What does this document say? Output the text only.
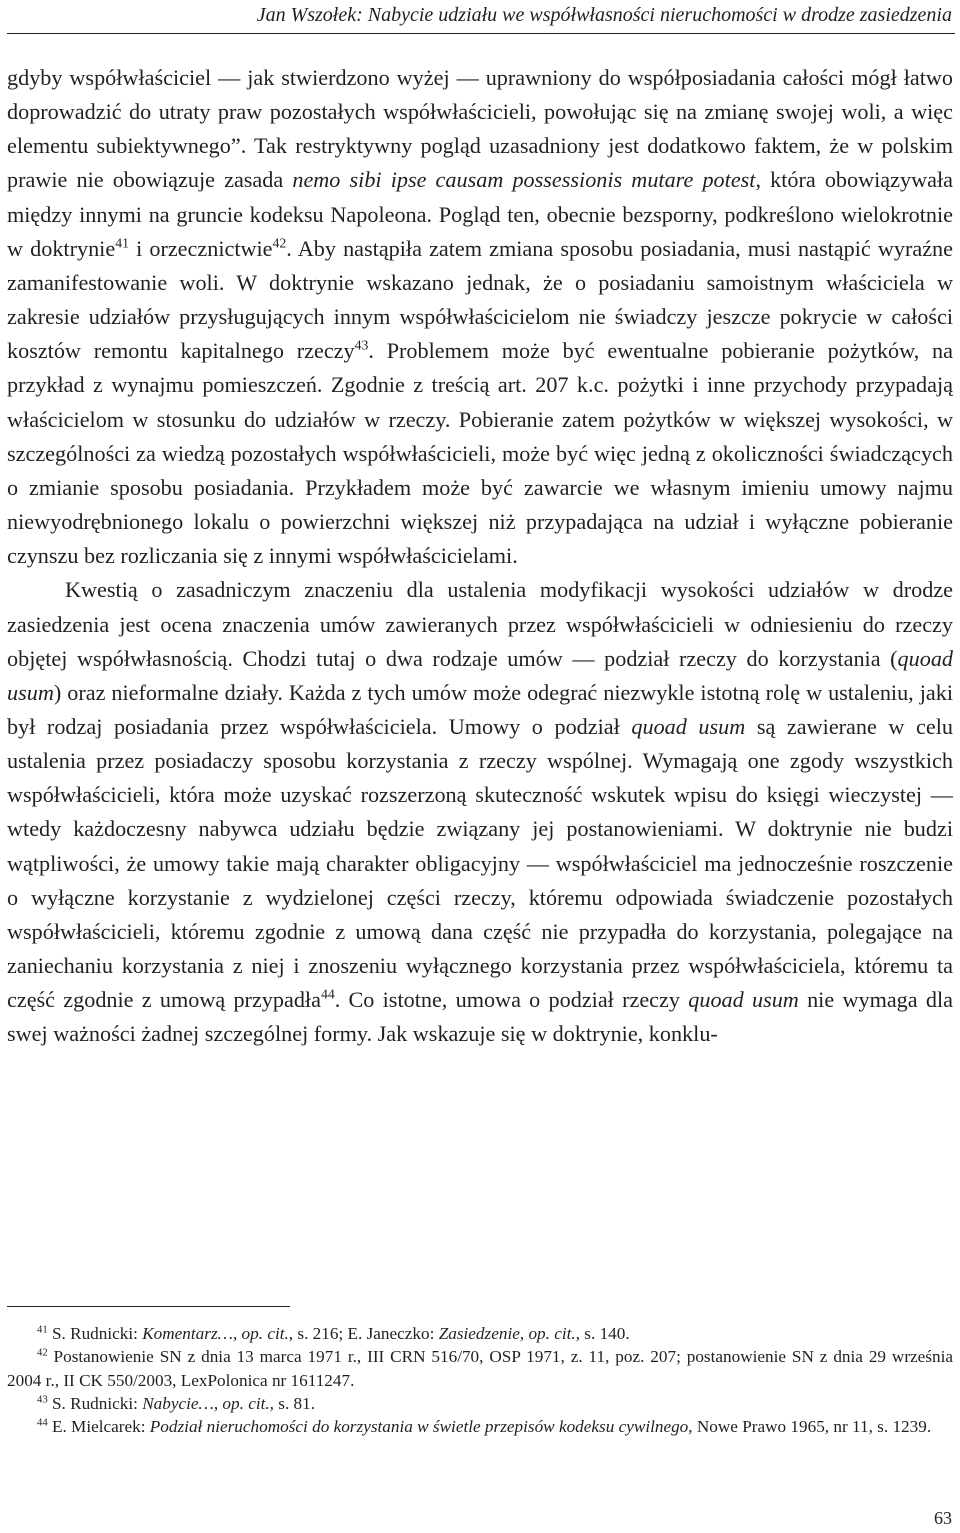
Jan Wszołek: Nabycie udziału we współwłasności nieruchomości w drodze zasiedzenia

gdyby współwłaściciel — jak stwierdzono wyżej — uprawniony do współposiadania całości mógł łatwo doprowadzić do utraty praw pozostałych współwłaścicieli, powołując się na zmianę swojej woli, a więc elementu subiektywnego”. Tak restryktywny pogląd uzasadniony jest dodatkowo faktem, że w polskim prawie nie obowiązuje zasada nemo sibi ipse causam possessionis mutare potest, która obowiązywała między innymi na gruncie kodeksu Napoleona. Pogląd ten, obecnie bezsporny, podkreślono wielokrotnie w doktrynie$^{41}$ i orzecznictwie$^{42}$. Aby nastąpiła zatem zmiana sposobu posiadania, musi nastąpić wyraźne zamanifestowanie woli. W doktrynie wskazano jednak, że o posiadaniu samoistnym właściciela w zakresie udziałów przysługujących innym współwłaścicielom nie świadczy jeszcze pokrycie w całości kosztów remontu kapitalnego rzeczy$^{43}$. Problemem może być ewentualne pobieranie pożytków, na przykład z wynajmu pomieszczeń. Zgodnie z treścią art. 207 k.c. pożytki i inne przychody przypadają właścicielom w stosunku do udziałów w rzeczy. Pobieranie zatem pożytków w większej wysokości, w szczególności za wiedzą pozostałych współwłaścicieli, może być więc jedną z okoliczności świadczących o zmianie sposobu posiadania. Przykładem może być zawarcie we własnym imieniu umowy najmu niewyodrębnionego lokalu o powierzchni większej niż przypadająca na udział i wyłączne pobieranie czynszu bez rozliczania się z innymi współwłaścicielami.

Kwestią o zasadniczym znaczeniu dla ustalenia modyfikacji wysokości udziałów w drodze zasiedzenia jest ocena znaczenia umów zawieranych przez współwłaścicieli w odniesieniu do rzeczy objętej współwłasnością. Chodzi tutaj o dwa rodzaje umów — podział rzeczy do korzystania (quoad usum) oraz nieformalne działy. Każda z tych umów może odegrać niezwykle istotną rolę w ustaleniu, jaki był rodzaj posiadania przez współwłaściciela. Umowy o podział quoad usum są zawierane w celu ustalenia przez posiadaczy sposobu korzystania z rzeczy wspólnej. Wymagają one zgody wszystkich współwłaścicieli, która może uzyskać rozszerzoną skuteczność wskutek wpisu do księgi wieczystej — wtedy każdoczesny nabywca udziału będzie związany jej postanowieniami. W doktrynie nie budzi wątpliwości, że umowy takie mają charakter obligacyjny — współwłaściciel ma jednocześnie roszczenie o wyłączne korzystanie z wydzielonej części rzeczy, któremu odpowiada świadczenie pozostałych współwłaścicieli, któremu zgodnie z umową dana część nie przypadła do korzystania, polegające na zaniechaniu korzystania z niej i znoszeniu wyłącznego korzystania przez współwłaściciela, któremu ta część zgodnie z umową przypadła$^{44}$. Co istotne, umowa o podział rzeczy quoad usum nie wymaga dla swej ważności żadnej szczególnej formy. Jak wskazuje się w doktrynie, konklu-

$^{41}$ S. Rudnicki: Komentarz…, op. cit., s. 216; E. Janeczko: Zasiedzenie, op. cit., s. 140.
$^{42}$ Postanowienie SN z dnia 13 marca 1971 r., III CRN 516/70, OSP 1971, z. 11, poz. 207; postanowienie SN z dnia 29 września 2004 r., II CK 550/2003, LexPolonica nr 1611247.
$^{43}$ S. Rudnicki: Nabycie…, op. cit., s. 81.
$^{44}$ E. Mielcarek: Podział nieruchomości do korzystania w świetle przepisów kodeksu cywilnego, Nowe Prawo 1965, nr 11, s. 1239.
63
